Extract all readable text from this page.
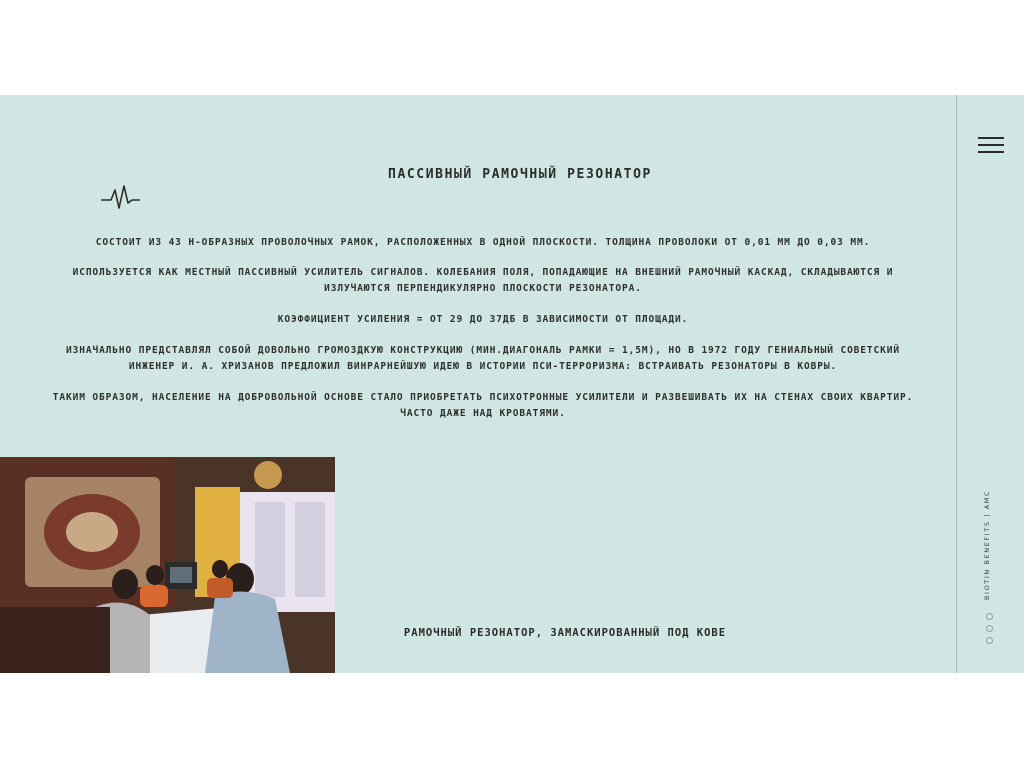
ПАССИВНЫЙ РАМОЧНЫЙ РЕЗОНАТОР
СОСТОИТ ИЗ 43 Н-ОБРАЗНЫХ ПРОВОЛОЧНЫХ РАМОК, РАСПОЛОЖЕННЫХ В ОДНОЙ ПЛОСКОСТИ. ТОЛЩИНА ПРОВОЛОКИ ОТ 0,01 ММ ДО 0,03 ММ.
ИСПОЛЬЗУЕТСЯ КАК МЕСТНЫЙ ПАССИВНЫЙ УСИЛИТЕЛЬ СИГНАЛОВ. КОЛЕБАНИЯ ПОЛЯ, ПОПАДАЮЩИЕ НА ВНЕШНИЙ РАМОЧНЫЙ КАСКАД, СКЛАДЫВАЮТСЯ И
ИЗЛУЧАЮТСЯ ПЕРПЕНДИКУЛЯРНО ПЛОСКОСТИ РЕЗОНАТОРА.
КОЭФФИЦИЕНТ УСИЛЕНИЯ = ОТ 29 ДО 37ДБ В ЗАВИСИМОСТИ ОТ ПЛОЩАДИ.
ИЗНАЧАЛЬНО ПРЕДСТАВЛЯЛ СОБОЙ ДОВОЛЬНО ГРОМОЗДКУЮ КОНСТРУКЦИЮ (МИН.ДИАГОНАЛЬ РАМКИ = 1,5М), НО В 1972 ГОДУ ГЕНИАЛЬНЫЙ СОВЕТСКИЙ
ИНЖЕНЕР И. А. ХРИЗАНОВ ПРЕДЛОЖИЛ ВИНРАРНЕЙШУЮ ИДЕЮ В ИСТОРИИ ПСИ-ТЕРРОРИЗМА: ВСТРАИВАТЬ РЕЗОНАТОРЫ В КОВРЫ.
ТАКИМ ОБРАЗОМ, НАСЕЛЕНИЕ НА ДОБРОВОЛЬНОЙ ОСНОВЕ СТАЛО ПРИОБРЕТАТЬ ПСИХОТРОННЫЕ УСИЛИТЕЛИ И РАЗВЕШИВАТЬ ИХ НА СТЕНАХ СВОИХ КВАРТИР.
ЧАСТО ДАЖЕ НАД КРОВАТЯМИ.
РАМОЧНЫЙ РЕЗОНАТОР, ЗАМАСКИРОВАННЫЙ ПОД КОВЕ
BIOTIN BENEFITS | AMC
